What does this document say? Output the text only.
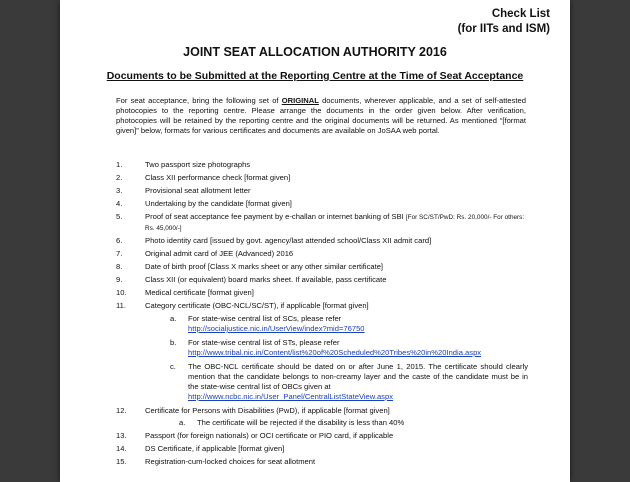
Check List
(for IITs and ISM)
JOINT SEAT ALLOCATION AUTHORITY 2016
Documents to be Submitted at the Reporting Centre at the Time of Seat Acceptance
For seat acceptance, bring the following set of ORIGINAL documents, wherever applicable, and a set of self-attested photocopies to the reporting centre. Please arrange the documents in the order given below. After verification, photocopies will be retained by the reporting centre and the original documents will be returned. As mentioned “[format given]” below, formats for various certificates and documents are available on JoSAA web portal.
1.	Two passport size photographs
2.	Class XII performance check [format given]
3.	Provisional seat allotment letter
4.	Undertaking by the candidate [format given]
5.	Proof of seat acceptance fee payment by e-challan or internet banking of SBI [For SC/ST/PwD: Rs. 20,000/- For others: Rs. 45,000/-]
6.	Photo identity card [issued by govt. agency/last attended school/Class XII admit card]
7.	Original admit card of JEE (Advanced) 2016
8.	Date of birth proof [Class X marks sheet or any other similar certificate]
9.	Class XII (or equivalent) board marks sheet. If available, pass certificate
10.	Medical certificate [format given]
11.	Category certificate (OBC-NCL/SC/ST), if applicable [format given]
a. For state-wise central list of SCs, please refer
http://socialjustice.nic.in/UserView/index?mid=76750
b. For state-wise central list of STs, please refer
http://www.tribal.nic.in/Content/list%20of%20Scheduled%20Tribes%20in%20India.aspx
c. The OBC-NCL certificate should be dated on or after June 1, 2015. The certificate should clearly mention that the candidate belongs to non-creamy layer and the caste of the candidate must be in the state-wise central list of OBCs given at
http://www.ncbc.nic.in/User_Panel/CentralListStateView.aspx
12.	Certificate for Persons with Disabilities (PwD), if applicable [format given]
a. The certificate will be rejected if the disability is less than 40%
13.	Passport (for foreign nationals) or OCI certificate or PIO card, if applicable
14.	DS Certificate, if applicable [format given]
15.	Registration-cum-locked choices for seat allotment
